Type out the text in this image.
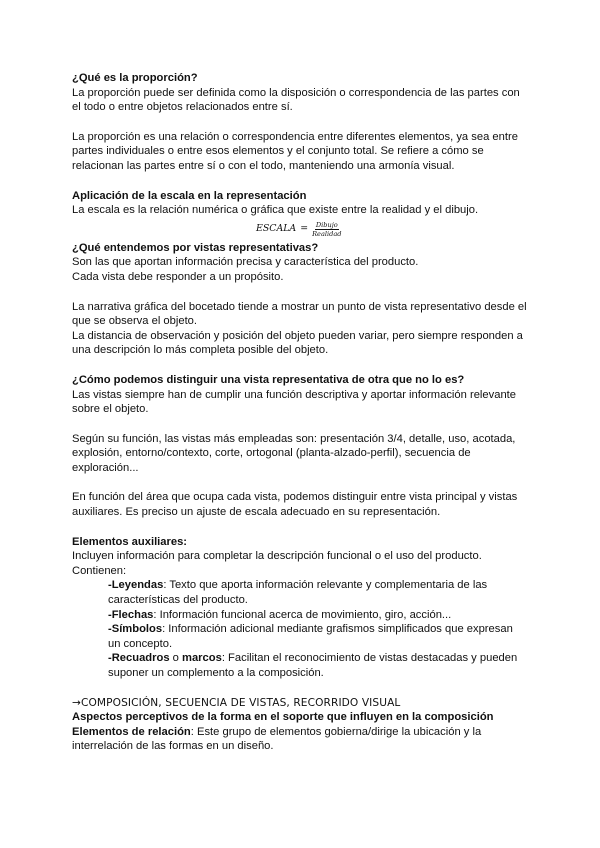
¿Qué es la proporción?

La proporción puede ser definida como la disposición o correspondencia de las partes con el todo o entre objetos relacionados entre sí.

La proporción es una relación o correspondencia entre diferentes elementos, ya sea entre partes individuales o entre esos elementos y el conjunto total. Se refiere a cómo se relacionan las partes entre sí o con el todo, manteniendo una armonía visual.

Aplicación de la escala en la representación

La escala es la relación numérica o gráfica que existe entre la realidad y el dibujo.

ESCALA = $\frac{\text{Dibujo}}{\text{Realidad}}$

¿Qué entendemos por vistas representativas?

Son las que aportan información precisa y característica del producto.

Cada vista debe responder a un propósito.

La narrativa gráfica del bocetado tiende a mostrar un punto de vista representativo desde el que se observa el objeto.

La distancia de observación y posición del objeto pueden variar, pero siempre responden a una descripción lo más completa posible del objeto.

¿Cómo podemos distinguir una vista representativa de otra que no lo es?

Las vistas siempre han de cumplir una función descriptiva y aportar información relevante sobre el objeto.

Según su función, las vistas más empleadas son: presentación 3/4, detalle, uso, acotada, explosión, entorno/contexto, corte, ortogonal (planta-alzado-perfil), secuencia de exploración...

En función del área que ocupa cada vista, podemos distinguir entre vista principal y vistas auxiliares. Es preciso un ajuste de escala adecuado en su representación.

Elementos auxiliares:

Incluyen información para completar la descripción funcional o el uso del producto.

Contienen:

-Leyendas: Texto que aporta información relevante y complementaria de las características del producto.

-Flechas: Información funcional acerca de movimiento, giro, acción...

-Símbolos: Información adicional mediante grafismos simplificados que expresan un concepto.

-Recuadros o marcos: Facilitan el reconocimiento de vistas destacadas y pueden suponer un complemento a la composición.

→COMPOSICIÓN, SECUENCIA DE VISTAS, RECORRIDO VISUAL

Aspectos perceptivos de la forma en el soporte que influyen en la composición

Elementos de relación: Este grupo de elementos gobierna/dirige la ubicación y la interrelación de las formas en un diseño.
